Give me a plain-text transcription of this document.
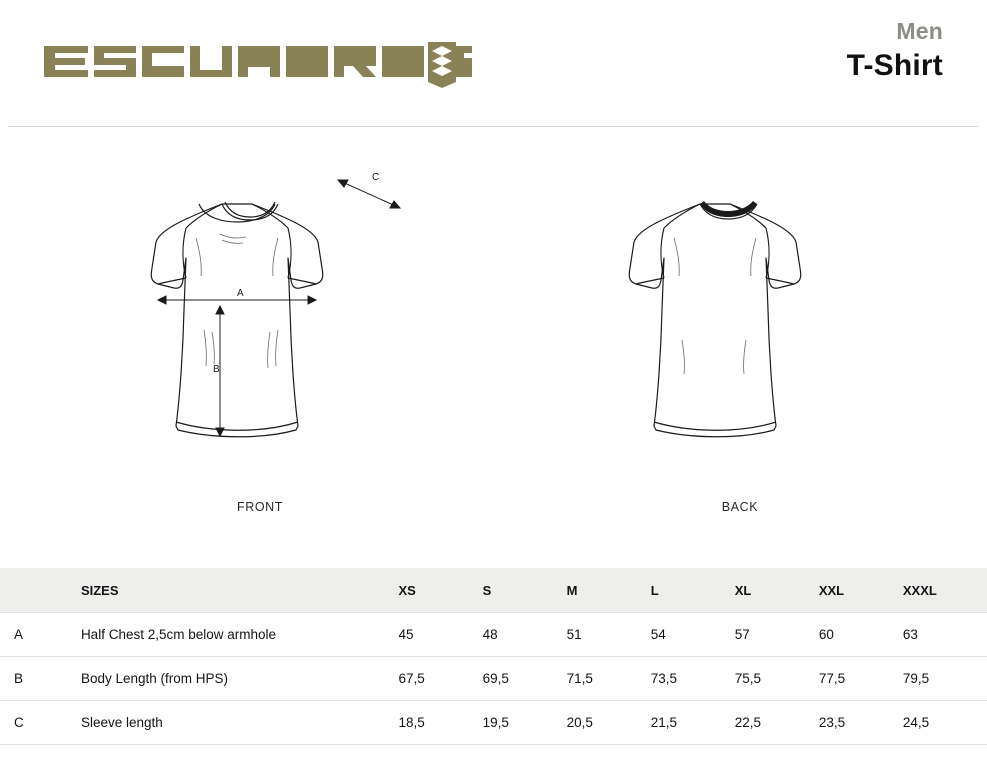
Men
T-Shirt
A
B
C
FRONT	BACK
	SIZES	XS	S	M	L	XL	XXL	XXXL
A	Half Chest 2,5cm below armhole	45	48	51	54	57	60	63
B	Body Length (from HPS)	67,5	69,5	71,5	73,5	75,5	77,5	79,5
C	Sleeve length	18,5	19,5	20,5	21,5	22,5	23,5	24,5
